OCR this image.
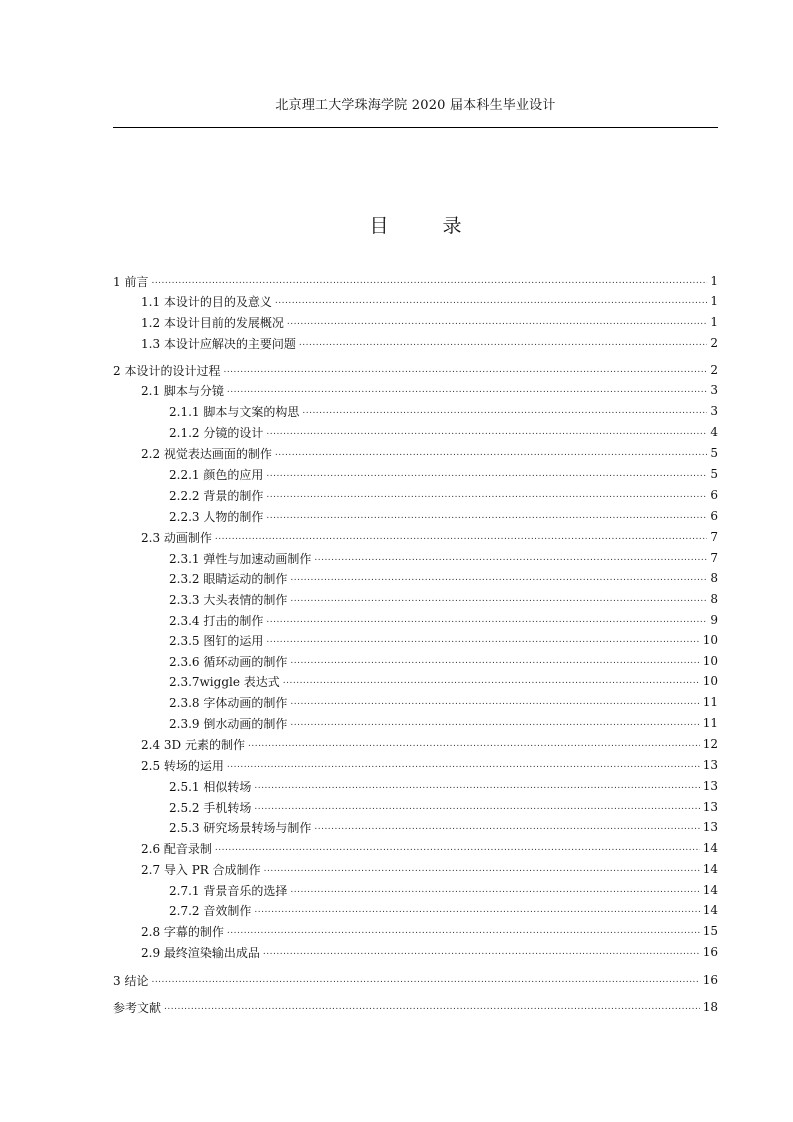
北京理工大学珠海学院 2020 届本科生毕业设计
目 录
1 前言 .....	1
1.1 本设计的目的及意义 .....	1
1.2 本设计目前的发展概况 .....	1
1.3 本设计应解决的主要问题 .....	2
2 本设计的设计过程 .....	2
2.1 脚本与分镜 .....	3
2.1.1 脚本与文案的构思 .....	3
2.1.2 分镜的设计 .....	4
2.2 视觉表达画面的制作 .....	5
2.2.1 颜色的应用 .....	5
2.2.2 背景的制作 .....	6
2.2.3 人物的制作 .....	6
2.3 动画制作 .....	7
2.3.1 弹性与加速动画制作 .....	7
2.3.2 眼睛运动的制作 .....	8
2.3.3 大头表情的制作 .....	8
2.3.4 打击的制作 .....	9
2.3.5 图钉的运用 .....	10
2.3.6 循环动画的制作 .....	10
2.3.7wiggle 表达式 .....	10
2.3.8 字体动画的制作 .....	11
2.3.9 倒水动画的制作 .....	11
2.4 3D 元素的制作 .....	12
2.5 转场的运用 .....	13
2.5.1 相似转场 .....	13
2.5.2 手机转场 .....	13
2.5.3 研究场景转场与制作 .....	13
2.6 配音录制 .....	14
2.7 导入 PR 合成制作 .....	14
2.7.1 背景音乐的选择 .....	14
2.7.2 音效制作 .....	14
2.8 字幕的制作 .....	15
2.9 最终渲染输出成品 .....	16
3 结论 .....	16
参考文献 .....	18
